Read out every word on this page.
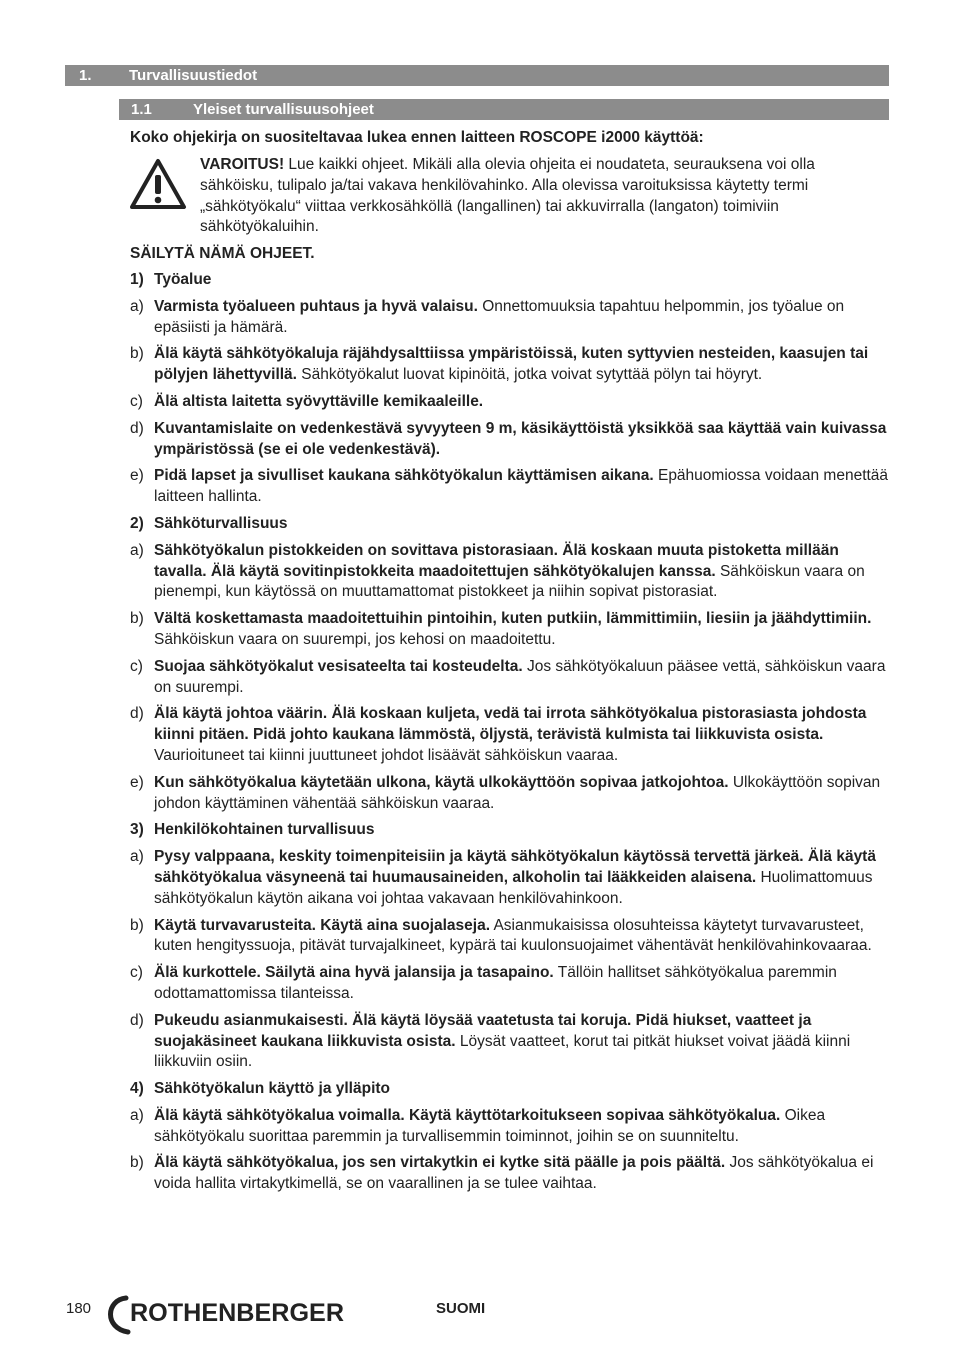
1. Turvallisuustiedot
1.1	Yleiset turvallisuusohjeet
Koko ohjekirja on suositeltavaa lukea ennen laitteen ROSCOPE i2000 käyttöä:
VAROITUS! Lue kaikki ohjeet. Mikäli alla olevia ohjeita ei noudateta, seurauksena voi olla sähköisku, tulipalo ja/tai vakava henkilövahinko. Alla olevissa varoituksissa käytetty termi „sähkötyökalu“ viittaa verkkosähköllä (langallinen) tai akkuvirralla (langaton) toimiviin sähkötyökaluihin.
SÄILYTÄ NÄMÄ OHJEET.
1) Työalue
a) Varmista työalueen puhtaus ja hyvä valaisu. Onnettomuuksia tapahtuu helpommin, jos työalue on epäsiisti ja hämärä.
b) Älä käytä sähkötyökaluja räjähdysalttiissa ympäristöissä, kuten syttyvien nesteiden, kaasujen tai pölyjen lähettyvillä. Sähkötyökalut luovat kipinöitä, jotka voivat sytyttää pölyn tai höyryt.
c) Älä altista laitetta syövyttäville kemikaaleille.
d) Kuvantamislaite on vedenkestävä syvyyteen 9 m, käsikäyttöistä yksikköä saa käyttää vain kuivassa ympäristössä (se ei ole vedenkestävä).
e) Pidä lapset ja sivulliset kaukana sähkötyökalun käyttämisen aikana. Epähuomiossa voidaan menettää laitteen hallinta.
2) Sähköturvallisuus
a) Sähkötyökalun pistokkeiden on sovittava pistorasiaan. Älä koskaan muuta pistoketta millään tavalla. Älä käytä sovitinpistokkeita maadoitettujen sähkötyökalujen kanssa. Sähköiskun vaara on pienempi, kun käytössä on muuttamattomat pistokkeet ja niihin sopivat pistorasiat.
b) Vältä koskettamasta maadoitettuihin pintoihin, kuten putkiin, lämmittimiin, liesiin ja jäähdyttimiin. Sähköiskun vaara on suurempi, jos kehosi on maadoitettu.
c) Suojaa sähkötyökalut vesisateelta tai kosteudelta. Jos sähkötyökaluun pääsee vettä, sähköiskun vaara on suurempi.
d) Älä käytä johtoa väärin. Älä koskaan kuljeta, vedä tai irrota sähkötyökalua pistorasiasta johdosta kiinni pitäen. Pidä johto kaukana lämmöstä, öljystä, terävistä kulmista tai liikkuvista osista. Vaurioituneet tai kiinni juuttuneet johdot lisäävät sähköiskun vaaraa.
e) Kun sähkötyökalua käytetään ulkona, käytä ulkokäyttöön sopivaa jatkojohtoa. Ulkokäyttöön sopivan johdon käyttäminen vähentää sähköiskun vaaraa.
3) Henkilökohtainen turvallisuus
a) Pysy valppaana, keskity toimenpiteisiin ja käytä sähkötyökalun käytössä tervettä järkeä. Älä käytä sähkötyökalua väsyneenä tai huumausaineiden, alkoholin tai lääkkeiden alaisena. Huolimattomuus sähkötyökalun käytön aikana voi johtaa vakavaan henkilövahinkoon.
b) Käytä turvavarusteita. Käytä aina suojalaseja. Asianmukaisissa olosuhteissa käytetyt turvavarusteet, kuten hengityssuoja, pitävät turvajalkineet, kypärä tai kuulonsuojaimet vähentävät henkilövahinkovaaraa.
c) Älä kurkottele. Säilytä aina hyvä jalansija ja tasapaino. Tällöin hallitset sähkötyökalua paremmin odottamattomissa tilanteissa.
d) Pukeudu asianmukaisesti. Älä käytä löysää vaatetusta tai koruja. Pidä hiukset, vaatteet ja suojakäsineet kaukana liikkuvista osista. Löysät vaatteet, korut tai pitkät hiukset voivat jäädä kiinni liikkuviin osiin.
4) Sähkötyökalun käyttö ja ylläpito
a) Älä käytä sähkötyökalua voimalla. Käytä käyttötarkoitukseen sopivaa sähkötyökalua. Oikea sähkötyökalu suorittaa paremmin ja turvallisemmin toiminnot, joihin se on suunniteltu.
b) Älä käytä sähkötyökalua, jos sen virtakytkin ei kytke sitä päälle ja pois päältä. Jos sähkötyökalua ei voida hallita virtakytkimellä, se on vaarallinen ja se tulee vaihtaa.
180 ROTHENBERGER	SUOMI
